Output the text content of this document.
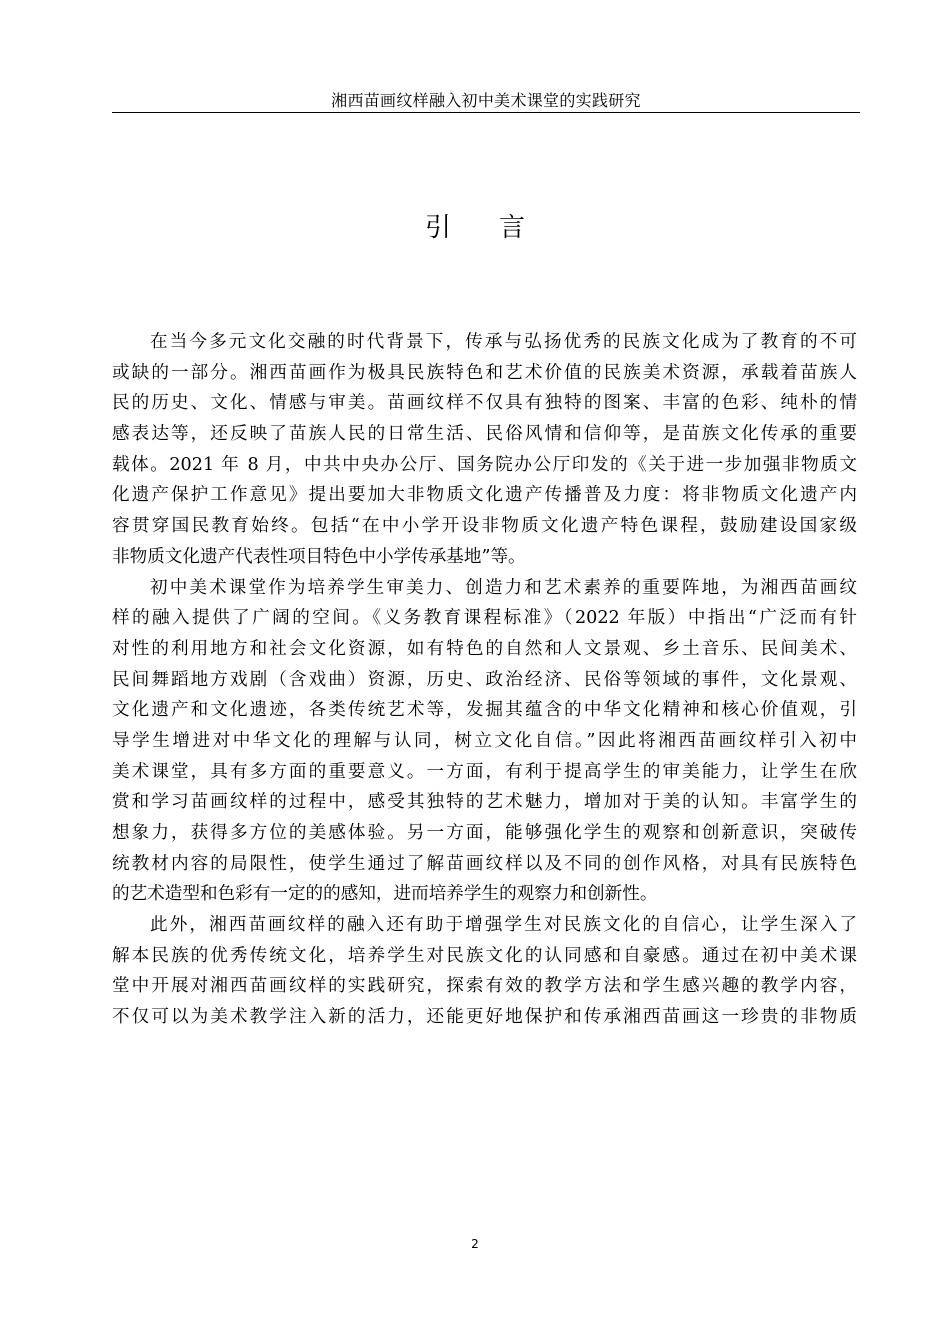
湘西苗画纹样融入初中美术课堂的实践研究
引言
在当今多元文化交融的时代背景下，传承与弘扬优秀的民族文化成为了教育的不可
或缺的一部分。湘西苗画作为极具民族特色和艺术价值的民族美术资源，承载着苗族人
民的历史、文化、情感与审美。苗画纹样不仅具有独特的图案、丰富的色彩、纯朴的情
感表达等，还反映了苗族人民的日常生活、民俗风情和信仰等，是苗族文化传承的重要
载体。2021 年 8 月，中共中央办公厅、国务院办公厅印发的《关于进一步加强非物质文
化遗产保护工作意见》提出要加大非物质文化遗产传播普及力度：将非物质文化遗产内
容贯穿国民教育始终。包括“在中小学开设非物质文化遗产特色课程，鼓励建设国家级
非物质文化遗产代表性项目特色中小学传承基地”等。
初中美术课堂作为培养学生审美力、创造力和艺术素养的重要阵地，为湘西苗画纹
样的融入提供了广阔的空间。《义务教育课程标准》（2022 年版）中指出“广泛而有针
对性的利用地方和社会文化资源，如有特色的自然和人文景观、乡土音乐、民间美术、
民间舞蹈地方戏剧（含戏曲）资源，历史、政治经济、民俗等领域的事件，文化景观、
文化遗产和文化遗迹，各类传统艺术等，发掘其蕴含的中华文化精神和核心价值观，引
导学生增进对中华文化的理解与认同，树立文化自信。”因此将湘西苗画纹样引入初中
美术课堂，具有多方面的重要意义。一方面，有利于提高学生的审美能力，让学生在欣
赏和学习苗画纹样的过程中，感受其独特的艺术魅力，增加对于美的认知。丰富学生的
想象力，获得多方位的美感体验。另一方面，能够强化学生的观察和创新意识，突破传
统教材内容的局限性，使学生通过了解苗画纹样以及不同的创作风格，对具有民族特色
的艺术造型和色彩有一定的的感知，进而培养学生的观察力和创新性。
此外，湘西苗画纹样的融入还有助于增强学生对民族文化的自信心，让学生深入了
解本民族的优秀传统文化，培养学生对民族文化的认同感和自豪感。通过在初中美术课
堂中开展对湘西苗画纹样的实践研究，探索有效的教学方法和学生感兴趣的教学内容，
不仅可以为美术教学注入新的活力，还能更好地保护和传承湘西苗画这一珍贵的非物质
2
